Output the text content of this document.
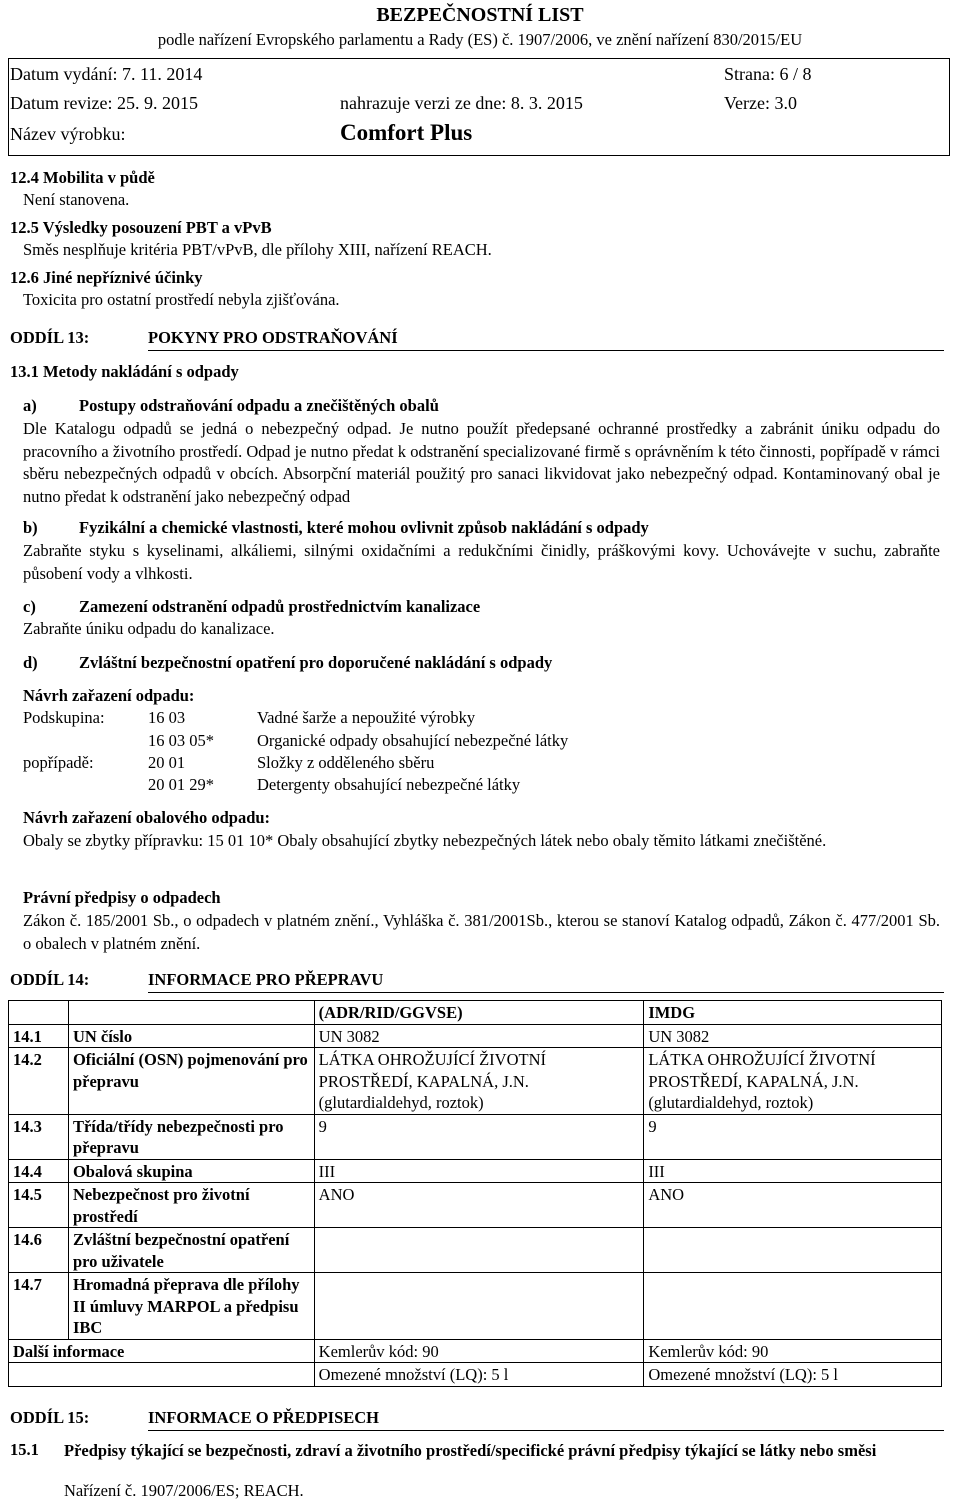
BEZPEČNOSTNÍ LIST
podle nařízení Evropského parlamentu a Rady (ES) č. 1907/2006, ve znění nařízení 830/2015/EU
Datum vydání: 7. 11. 2014	Strana: 6 / 8
Datum revize: 25. 9. 2015	nahrazuje verzi ze dne: 8. 3. 2015	Verze: 3.0
Název výrobku:	Comfort Plus
12.4 Mobilita v půdě
Není stanovena.
12.5 Výsledky posouzení PBT a vPvB
Směs nesplňuje kritéria PBT/vPvB, dle přílohy XIII, nařízení REACH.
12.6 Jiné nepříznivé účinky
Toxicita pro ostatní prostředí nebyla zjišťována.
ODDÍL 13:	POKYNY PRO ODSTRAŇOVÁNÍ
13.1 Metody nakládání s odpady
a)	Postupy odstraňování odpadu a znečištěných obalů
Dle Katalogu odpadů se jedná o nebezpečný odpad. Je nutno použít předepsané ochranné prostředky a zabránit úniku odpadu do pracovního a životního prostředí. Odpad je nutno předat k odstranění specializované firmě s oprávněním k této činnosti, popřípadě v rámci sběru nebezpečných odpadů v obcích. Absorpční materiál použitý pro sanaci likvidovat jako nebezpečný odpad. Kontaminovaný obal je nutno předat k odstranění jako nebezpečný odpad
b)	Fyzikální a chemické vlastnosti, které mohou ovlivnit způsob nakládání s odpady
Zabraňte styku s kyselinami, alkáliemi, silnými oxidačními a redukčními činidly, práškovými kovy. Uchovávejte v suchu, zabraňte působení vody a vlhkosti.
c)	Zamezení odstranění odpadů prostřednictvím kanalizace
Zabraňte úniku odpadu do kanalizace.
d)	Zvláštní bezpečnostní opatření pro doporučené nakládání s odpady
Návrh zařazení odpadu:
Podskupina:	16 03	Vadné šarže a nepoužité výrobky
16 03 05*	Organické odpady obsahující nebezpečné látky
popřípadě:	20 01	Složky z odděleného sběru
20 01 29*	Detergenty obsahující nebezpečné látky
Návrh zařazení obalového odpadu:
Obaly se zbytky přípravku: 15 01 10* Obaly obsahující zbytky nebezpečných látek nebo obaly těmito látkami znečištěné.
Právní předpisy o odpadech
Zákon č. 185/2001 Sb., o odpadech v platném znění., Vyhláška č. 381/2001Sb., kterou se stanoví Katalog odpadů, Zákon č. 477/2001 Sb. o obalech v platném znění.
ODDÍL 14:	INFORMACE PRO PŘEPRAVU
		(ADR/RID/GGVSE)	IMDG
14.1	UN číslo	UN 3082	UN 3082
14.2	Oficiální (OSN) pojmenování pro přepravu	LÁTKA OHROŽUJÍCÍ ŽIVOTNÍ PROSTŘEDÍ, KAPALNÁ, J.N. (glutardialdehyd, roztok)	LÁTKA OHROŽUJÍCÍ ŽIVOTNÍ PROSTŘEDÍ, KAPALNÁ, J.N. (glutardialdehyd, roztok)
14.3	Třída/třídy nebezpečnosti pro přepravu	9	9
14.4	Obalová skupina	III	III
14.5	Nebezpečnost pro životní prostředí	ANO	ANO
14.6	Zvláštní bezpečnostní opatření pro uživatele		
14.7	Hromadná přeprava dle přílohy II úmluvy MARPOL a předpisu IBC		
Další informace		Kemlerův kód: 90	Kemlerův kód: 90
		Omezené množství (LQ): 5 l	Omezené množství (LQ): 5 l
ODDÍL 15:	INFORMACE O PŘEDPISECH
15.1 Předpisy týkající se bezpečnosti, zdraví a životního prostředí/specifické právní předpisy týkající se látky nebo směsi
Nařízení č. 1907/2006/ES; REACH.
